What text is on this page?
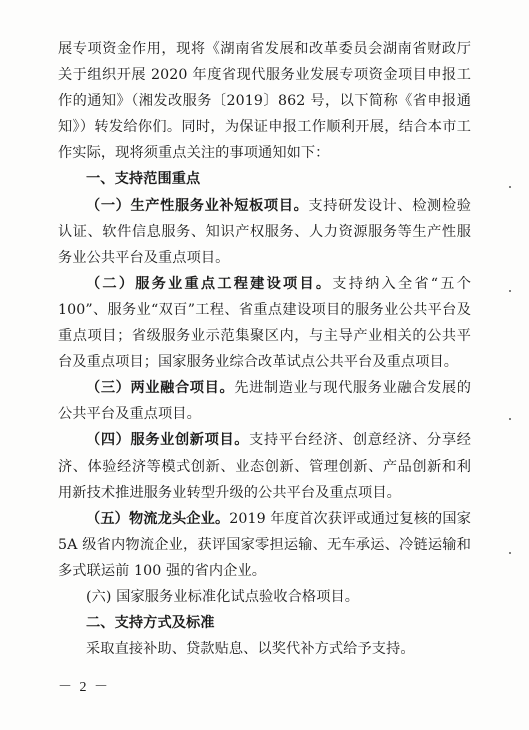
展专项资金作用，现将《湖南省发展和改革委员会湖南省财政厅关于组织开展 2020 年度省现代服务业发展专项资金项目申报工作的通知》（湘发改服务〔2019〕862 号，以下简称《省申报通知》）转发给你们。同时，为保证申报工作顺利开展，结合本市工作实际，现将须重点关注的事项通知如下：

一、支持范围重点

（一）生产性服务业补短板项目。支持研发设计、检测检验认证、软件信息服务、知识产权服务、人力资源服务等生产性服务业公共平台及重点项目。

（二）服务业重点工程建设项目。支持纳入全省“五个 100”、服务业“双百”工程、省重点建设项目的服务业公共平台及重点项目；省级服务业示范集聚区内，与主导产业相关的公共平台及重点项目；国家服务业综合改革试点公共平台及重点项目。

（三）两业融合项目。先进制造业与现代服务业融合发展的公共平台及重点项目。

（四）服务业创新项目。支持平台经济、创意经济、分享经济、体验经济等模式创新、业态创新、管理创新、产品创新和利用新技术推进服务业转型升级的公共平台及重点项目。

（五）物流龙头企业。2019 年度首次获评或通过复核的国家 5A 级省内物流企业，获评国家零担运输、无车承运、冷链运输和多式联运前 100 强的省内企业。

(六) 国家服务业标准化试点验收合格项目。

二、支持方式及标准

采取直接补助、贷款贴息、以奖代补方式给予支持。

－ 2 －
